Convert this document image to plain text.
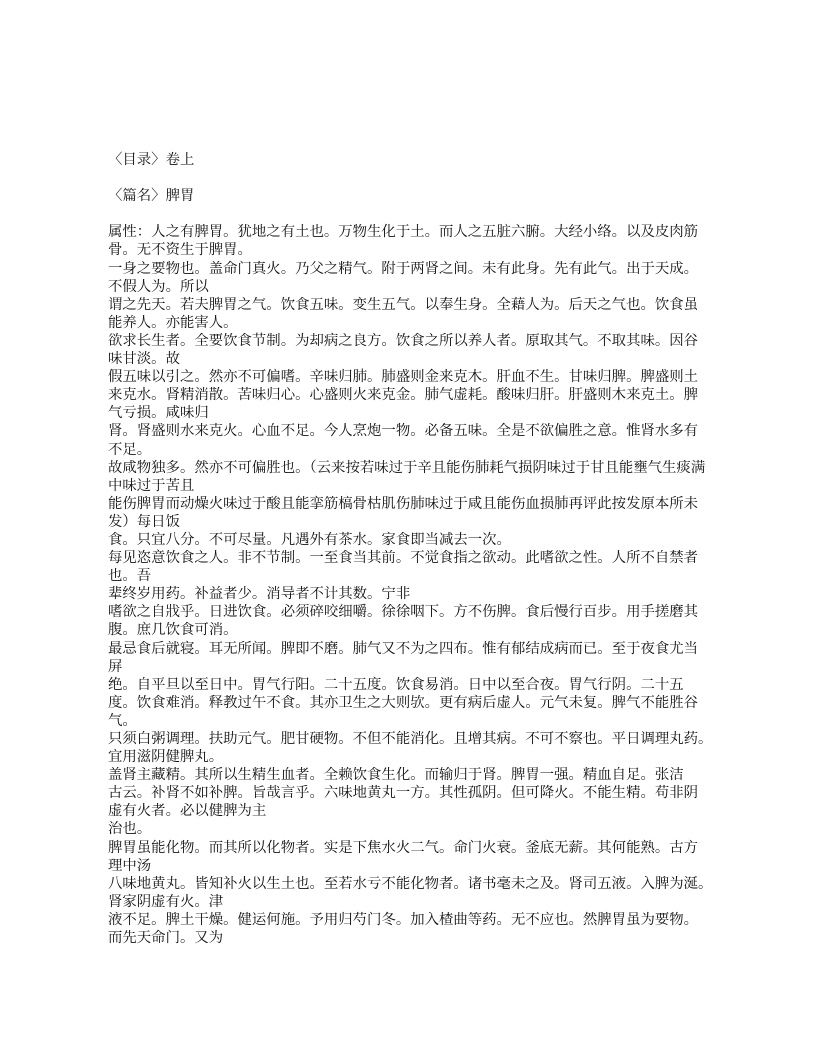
〈目录〉卷上
〈篇名〉脾胃
属性：人之有脾胃。犹地之有土也。万物生化于土。而人之五脏六腑。大经小络。以及皮肉筋
骨。无不资生于脾胃。
一身之要物也。盖命门真火。乃父之精气。附于两肾之间。未有此身。先有此气。出于天成。
不假人为。所以
谓之先天。若夫脾胃之气。饮食五味。变生五气。以奉生身。全藉人为。后天之气也。饮食虽
能养人。亦能害人。
欲求长生者。全要饮食节制。为却病之良方。饮食之所以养人者。原取其气。不取其味。因谷
味甘淡。故
假五味以引之。然亦不可偏嗜。辛味归肺。肺盛则金来克木。肝血不生。甘味归脾。脾盛则土
来克水。肾精消散。苦味归心。心盛则火来克金。肺气虚耗。酸味归肝。肝盛则木来克土。脾
气亏损。咸味归
肾。肾盛则水来克火。心血不足。今人烹炮一物。必备五味。全是不欲偏胜之意。惟肾水多有
不足。
故咸物独多。然亦不可偏胜也。（云来按若味过于辛且能伤肺耗气损阴味过于甘且能壅气生痰满
中味过于苦且
能伤脾胃而动燥火味过于酸且能挛筋槁骨枯肌伤肺味过于咸且能伤血损肺再评此按发原本所未
发）每日饭
食。只宜八分。不可尽量。凡遇外有茶水。家食即当减去一次。
每见恣意饮食之人。非不节制。一至食当其前。不觉食指之欲动。此嗜欲之性。人所不自禁者
也。吾
辈终岁用药。补益者少。消导者不计其数。宁非
嗜欲之自戕乎。日进饮食。必须碎咬细嚼。徐徐咽下。方不伤脾。食后慢行百步。用手搓磨其
腹。庶几饮食可消。
最忌食后就寝。耳无所闻。脾即不磨。肺气又不为之四布。惟有郁结成病而已。至于夜食尤当
屏
绝。自平旦以至日中。胃气行阳。二十五度。饮食易消。日中以至合夜。胃气行阴。二十五
度。饮食难消。释教过午不食。其亦卫生之大则欤。更有病后虚人。元气未复。脾气不能胜谷
气。
只须白粥调理。扶助元气。肥甘硬物。不但不能消化。且增其病。不可不察也。平日调理丸药。
宜用滋阴健脾丸。
盖肾主藏精。其所以生精生血者。全赖饮食生化。而输归于肾。脾胃一强。精血自足。张洁
古云。补肾不如补脾。旨哉言乎。六味地黄丸一方。其性孤阴。但可降火。不能生精。苟非阴
虚有火者。必以健脾为主
治也。
脾胃虽能化物。而其所以化物者。实是下焦水火二气。命门火衰。釜底无薪。其何能熟。古方
理中汤
八味地黄丸。皆知补火以生土也。至若水亏不能化物者。诸书毫未之及。肾司五液。入脾为涎。
肾家阴虚有火。津
液不足。脾土干燥。健运何施。予用归芍门冬。加入楂曲等药。无不应也。然脾胃虽为要物。
而先天命门。又为
